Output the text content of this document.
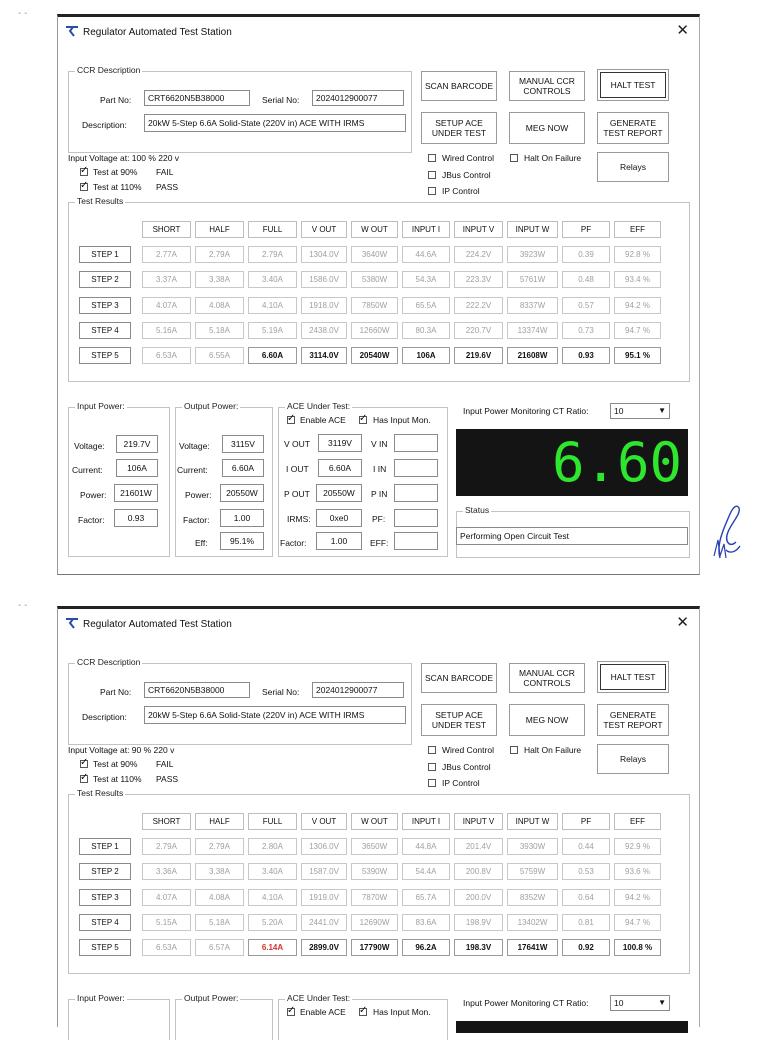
- -
Regulator Automated Test Station	✕
CCR Description
Part No:	CRT6620N5B38000	Serial No:	2024012900077
Description:	20kW 5-Step 6.6A Solid-State (220V in) ACE WITH IRMS
SCAN BARCODE	MANUAL CCR CONTROLS
HALT TEST
SETUP ACE UNDER TEST	MEG NOW	GENERATE TEST REPORT
Relays
Input Voltage at: 100 % 220 v
✓
Test at 90% FAIL
✓
Test at 110% PASS
Wired Control	Halt On Failure
JBus Control
IP Control
Test Results
SHORT	HALF	FULL	V OUT	W OUT	INPUT I	INPUT V	INPUT W	PF	EFF
STEP 1	2.77A	2.79A	2.79A	1304.0V	3640W	44.6A	224.2V	3923W	0.39	92.8 %
STEP 2	3.37A	3.38A	3.40A	1586.0V	5380W	54.3A	223.3V	5761W	0.48	93.4 %
STEP 3	4.07A	4.08A	4.10A	1918.0V	7850W	65.5A	222.2V	8337W	0.57	94.2 %
STEP 4	5.16A	5.18A	5.19A	2438.0V	12660W	80.3A	220.7V	13374W	0.73	94.7 %
STEP 5	6.53A	6.55A	6.60A	3114.0V	20540W	106A	219.6V	21608W	0.93	95.1 %
Input Power:
Voltage:	219.7V
Current:	106A
Power:	21601W
Factor:	0.93
Output Power:
Voltage:	3115V
Current:	6.60A
Power:	20550W
Factor:	1.00
Eff:	95.1%
ACE Under Test:
✓
Enable ACE ✓	Has Input Mon.
V OUT	3119V
I OUT	6.60A
P OUT	20550W
IRMS:	0xe0
Factor:	1.00
V IN
I IN
P IN
PF:
EFF:
Input Power Monitoring CT Ratio:	10	▼
6.60
Status
Performing Open Circuit Test
- -
Regulator Automated Test Station	✕
CCR Description
Part No:	CRT6620N5B38000	Serial No:	2024012900077
Description:	20kW 5-Step 6.6A Solid-State (220V in) ACE WITH IRMS
SCAN BARCODE	MANUAL CCR CONTROLS
HALT TEST
SETUP ACE UNDER TEST	MEG NOW	GENERATE TEST REPORT
Relays
Input Voltage at: 90 % 220 v
✓
Test at 90% FAIL
✓
Test at 110% PASS
Wired Control	Halt On Failure
JBus Control
IP Control
Test Results
SHORT	HALF	FULL	V OUT	W OUT	INPUT I	INPUT V	INPUT W	PF	EFF
STEP 1	2.79A	2.79A	2.80A	1306.0V	3650W	44.8A	201.4V	3930W	0.44	92.9 %
STEP 2	3.36A	3.38A	3.40A	1587.0V	5390W	54.4A	200.8V	5759W	0.53	93.6 %
STEP 3	4.07A	4.08A	4.10A	1919.0V	7870W	65.7A	200.0V	8352W	0.64	94.2 %
STEP 4	5.15A	5.18A	5.20A	2441.0V	12690W	83.6A	198.9V	13402W	0.81	94.7 %
STEP 5	6.53A	6.57A	6.14A	2899.0V	17790W	96.2A	198.3V	17641W	0.92	100.8 %
Input Power:	Output Power:	ACE Under Test:
✓
Enable ACE ✓	Has Input Mon.
Input Power Monitoring CT Ratio:	10	▼
